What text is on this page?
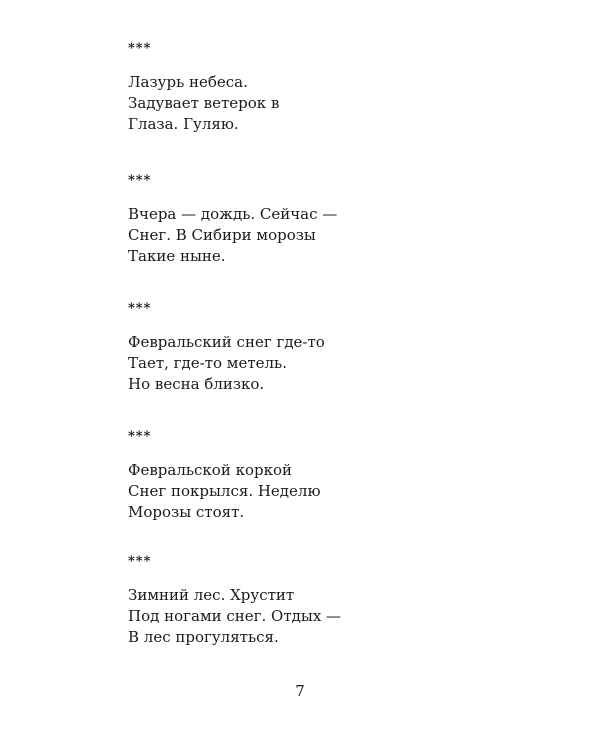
***
Лазурь небеса.
Задувает ветерок в
Глаза. Гуляю.
***
Вчера — дождь. Сейчас —
Снег. В Сибири морозы
Такие ныне.
***
Февральский снег где-то
Тает, где-то метель.
Но весна близко.
***
Февральской коркой
Снег покрылся. Неделю
Морозы стоят.
***
Зимний лес. Хрустит
Под ногами снег. Отдых —
В лес прогуляться.
7
